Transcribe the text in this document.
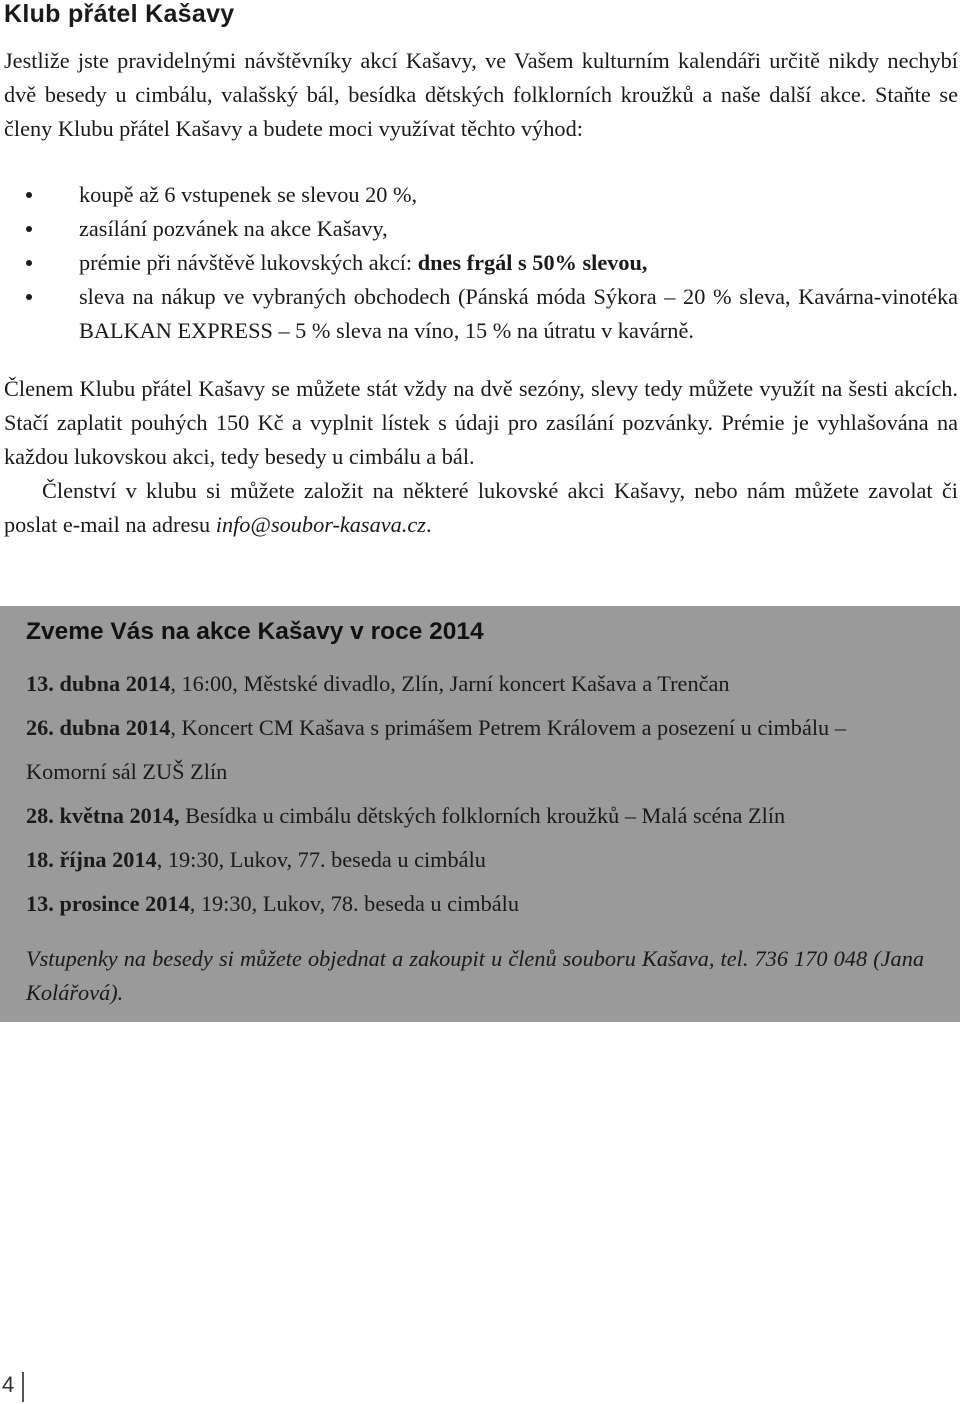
Klub přátel Kašavy

Jestliže jste pravidelnými návštěvníky akcí Kašavy, ve Vašem kulturním kalendáři určitě nikdy nechybí dvě besedy u cimbálu, valašský bál, besídka dětských folklorních kroužků a naše další akce. Staňte se členy Klubu přátel Kašavy a budete moci využívat těchto výhod:

koupě až 6 vstupenek se slevou 20 %,
zasílání pozvánek na akce Kašavy,
prémie při návštěvě lukovských akcí: dnes frgál s 50% slevou,
sleva na nákup ve vybraných obchodech (Pánská móda Sýkora – 20 % sleva, Kavárna-vinotéka BALKAN EXPRESS – 5 % sleva na víno, 15 % na útratu v kavárně.

Členem Klubu přátel Kašavy se můžete stát vždy na dvě sezóny, slevy tedy můžete využít na šesti akcích. Stačí zaplatit pouhých 150 Kč a vyplnit lístek s údaji pro zasílání pozvánky. Prémie je vyhlašována na každou lukovskou akci, tedy besedy u cimbálu a bál.

Členství v klubu si můžete založit na některé lukovské akci Kašavy, nebo nám můžete zavolat či poslat e-mail na adresu info@soubor-kasava.cz.

Zveme Vás na akce Kašavy v roce 2014
13. dubna 2014, 16:00, Městské divadlo, Zlín, Jarní koncert Kašava a Trenčan
26. dubna 2014, Koncert CM Kašava s primášem Petrem Královem a posezení u cimbálu – Komorní sál ZUŠ Zlín
28. května 2014, Besídka u cimbálu dětských folklorních kroužků – Malá scéna Zlín
18. října 2014, 19:30, Lukov, 77. beseda u cimbálu
13. prosince 2014, 19:30, Lukov, 78. beseda u cimbálu

Vstupenky na besedy si můžete objednat a zakoupit u členů souboru Kašava, tel. 736 170 048 (Jana Kolářová).

4
